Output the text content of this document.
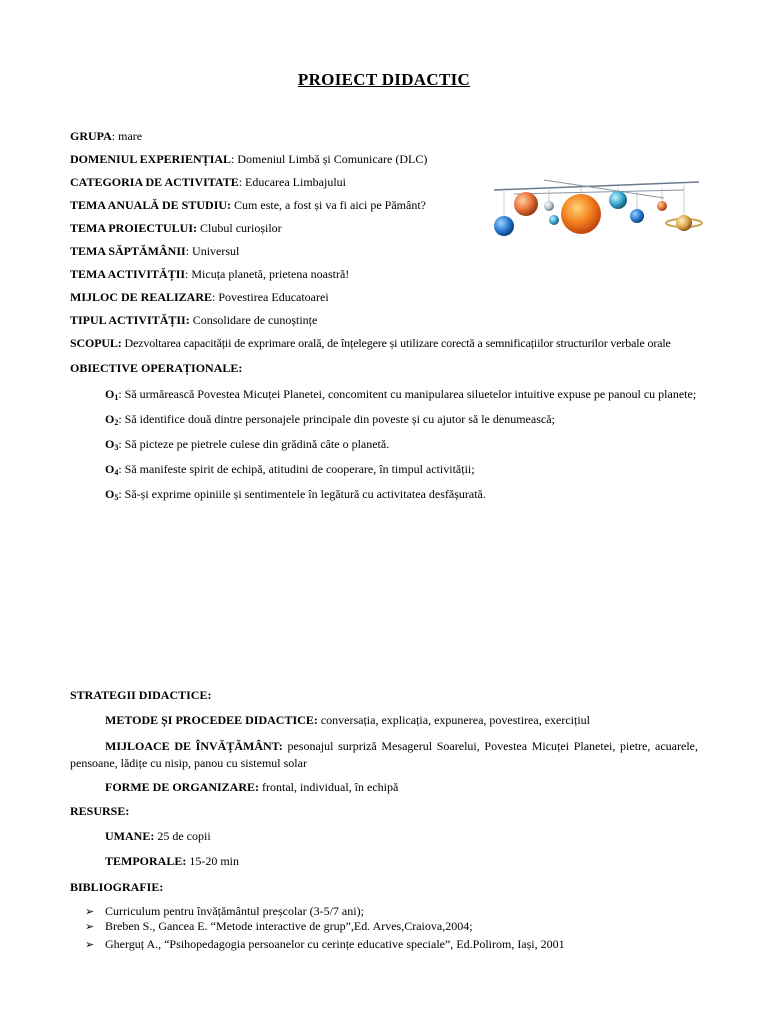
PROIECT DIDACTIC
GRUPA: mare
DOMENIUL EXPERIENȚIAL: Domeniul Limbă și Comunicare (DLC)
CATEGORIA DE ACTIVITATE: Educarea Limbajului
TEMA ANUALĂ DE STUDIU: Cum este, a fost și va fi aici pe Pământ?
TEMA PROIECTULUI: Clubul curioșilor
TEMA SĂPTĂMÂNII: Universul
TEMA ACTIVITĂȚII: Micuța planetă, prietena noastră!
MIJLOC DE REALIZARE: Povestirea Educatoarei
TIPUL ACTIVITĂȚII: Consolidare de cunoștințe
SCOPUL: Dezvoltarea capacității de exprimare orală, de înțelegere și utilizare corectă a semnificațiilor structurilor verbale orale
OBIECTIVE OPERAȚIONALE:
$O_1$: Să urmărească Povestea Micuței Planetei, concomitent cu manipularea siluetelor intuitive expuse pe panoul cu planete;
$O_2$: Să identifice două dintre personajele principale din poveste și cu ajutor să le denumească;
$O_3$: Să picteze pe pietrele culese din grădină câte o planetă.
$O_4$: Să manifeste spirit de echipă, atitudini de cooperare, în timpul activității;
$O_5$: Să-și exprime opiniile și sentimentele în legătură cu activitatea desfășurată.
STRATEGII DIDACTICE:
METODE ȘI PROCEDEE DIDACTICE: conversația, explicația, expunerea, povestirea, exercițiul
MIJLOACE DE ÎNVĂȚĂMÂNT: pesonajul surpriză Mesagerul Soarelui, Povestea Micuței Planetei, pietre, acuarele,
pensoane, lădițe cu nisip, panou cu sistemul solar
FORME DE ORGANIZARE: frontal, individual, în echipă
RESURSE:
UMANE: 25 de copii
TEMPORALE: 15-20 min
BIBLIOGRAFIE:
➢ Curriculum pentru învățământul preșcolar (3-5/7 ani);
➢ Breben S., Gancea E. “Metode interactive de grup”,Ed. Arves,Craiova,2004;
➢ Gherguț A., “Psihopedagogia persoanelor cu cerințe educative speciale”, Ed.Polirom, Iași, 2001
